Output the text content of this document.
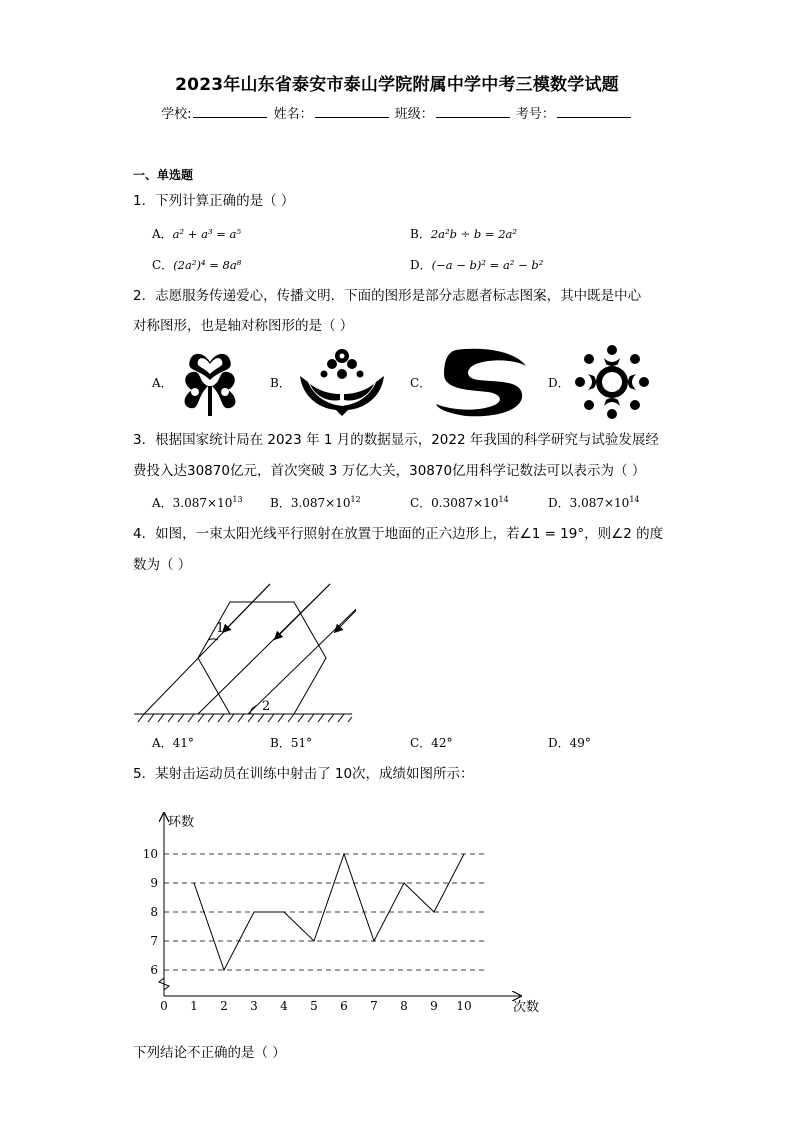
2023年山东省泰安市泰山学院附属中学中考三模数学试题
学校:	姓名：	班级：	考号：
一、单选题
1．下列计算正确的是（ ）
A．a² + a³ = a⁵	B．2a²b ÷ b = 2a²
C．(2a²)⁴ = 8a⁸	D．(−a − b)² = a² − b²
2．志愿服务传递爱心，传播文明．下面的图形是部分志愿者标志图案，其中既是中心
对称图形，也是轴对称图形的是（ ）
A．	B．	C．	D．
3．根据国家统计局在 2023 年 1 月的数据显示，2022 年我国的科学研究与试验发展经
费投入达30870亿元，首次突破 3 万亿大关，30870亿用科学记数法可以表示为（ ）
A．$3.087\times 10^{13}$ B．$3.087\times 10^{12}$	C．$0.3087\times 10^{14}$	D．$3.087\times 10^{14}$
4．如图，一束太阳光线平行照射在放置于地面的正六边形上，若∠1 = 19°，则∠2 的度
数为（ ）
1
2
A．41°	B．51°	C．42°	D．49°
5．某射击运动员在训练中射击了 10次，成绩如图所示：
6
7
8
9
10
0 1 2 3 4 5 6 7 8 9 10
环数
次数
下列结论不正确的是（ ）
